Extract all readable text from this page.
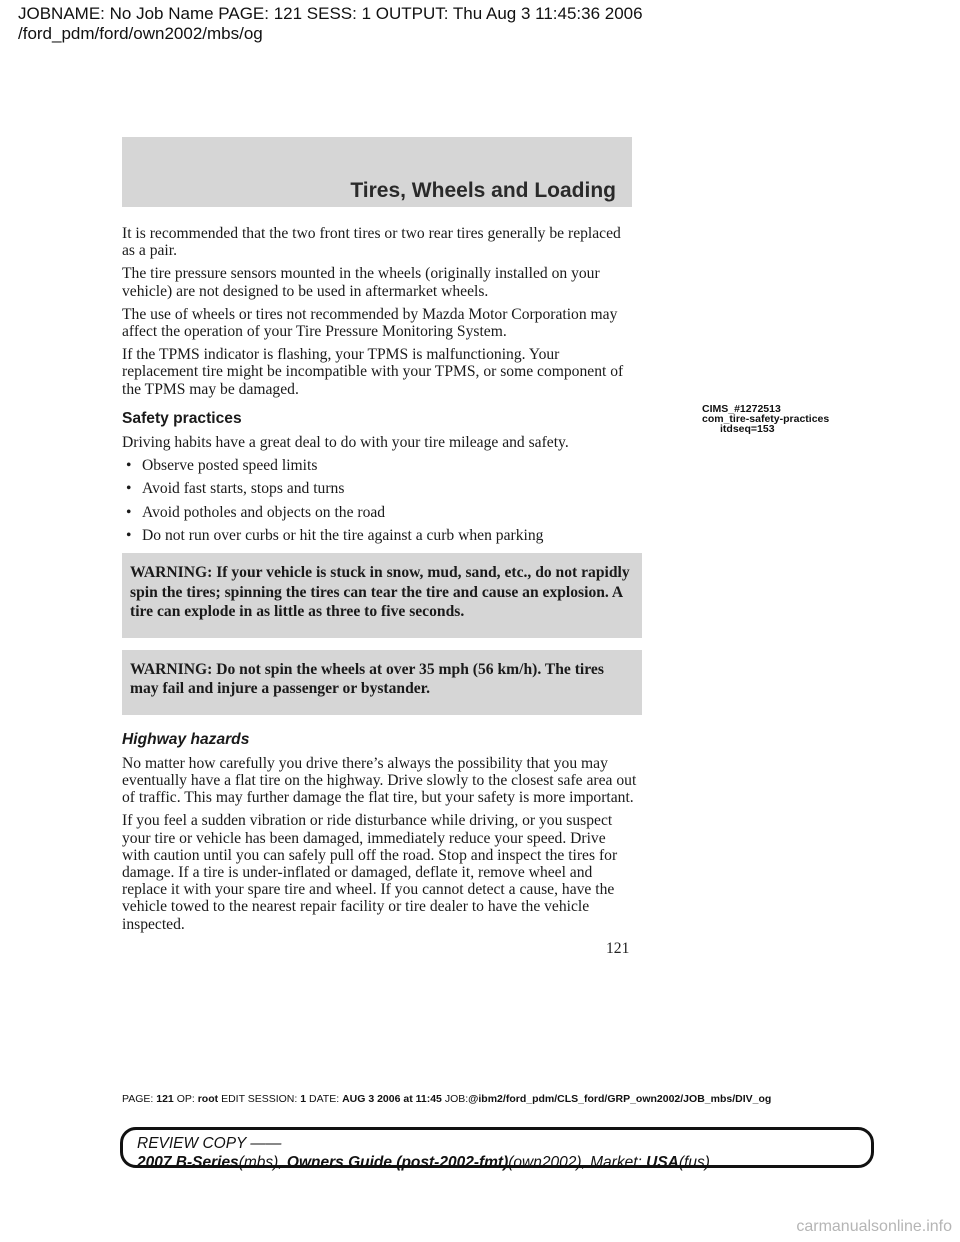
JOBNAME: No Job Name PAGE: 121 SESS: 1 OUTPUT: Thu Aug 3 11:45:36 2006
/ford_pdm/ford/own2002/mbs/og
Tires, Wheels and Loading

It is recommended that the two front tires or two rear tires generally be replaced as a pair.

The tire pressure sensors mounted in the wheels (originally installed on your vehicle) are not designed to be used in aftermarket wheels.

The use of wheels or tires not recommended by Mazda Motor Corporation may affect the operation of your Tire Pressure Monitoring System.

If the TPMS indicator is flashing, your TPMS is malfunctioning. Your replacement tire might be incompatible with your TPMS, or some component of the TPMS may be damaged.

Safety practices

Driving habits have a great deal to do with your tire mileage and safety.

• Observe posted speed limits
• Avoid fast starts, stops and turns
• Avoid potholes and objects on the road
• Do not run over curbs or hit the tire against a curb when parking
WARNING: If your vehicle is stuck in snow, mud, sand, etc., do not rapidly spin the tires; spinning the tires can tear the tire and cause an explosion. A tire can explode in as little as three to five seconds.
WARNING: Do not spin the wheels at over 35 mph (56 km/h). The tires may fail and injure a passenger or bystander.
Highway hazards

No matter how carefully you drive there’s always the possibility that you may eventually have a flat tire on the highway. Drive slowly to the closest safe area out of traffic. This may further damage the flat tire, but your safety is more important.

If you feel a sudden vibration or ride disturbance while driving, or you suspect your tire or vehicle has been damaged, immediately reduce your speed. Drive with caution until you can safely pull off the road. Stop and inspect the tires for damage. If a tire is under-inflated or damaged, deflate it, remove wheel and replace it with your spare tire and wheel. If you cannot detect a cause, have the vehicle towed to the nearest repair facility or tire dealer to have the vehicle inspected.

CIMS_#1272513
com_tire-safety-practices
itdseq=153
121
PAGE: 121 OP: root EDIT SESSION: 1 DATE: AUG 3 2006 at 11:45 JOB:@ibm2/ford_pdm/CLS_ford/GRP_own2002/JOB_mbs/DIV_og
REVIEW COPY ——
2007 B-Series(mbs), Owners Guide (post-2002-fmt)(own2002), Market: USA(fus)
carmanualsonline.info
